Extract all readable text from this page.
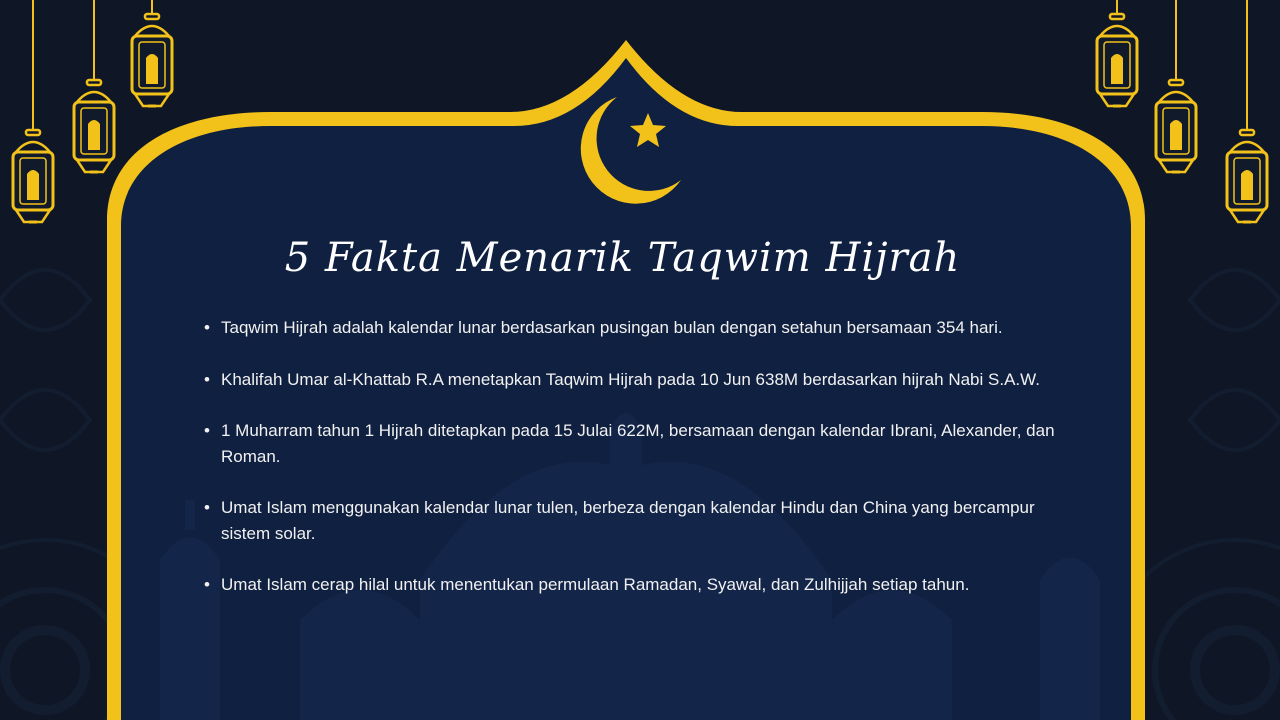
5 Fakta Menarik Taqwim Hijrah
• Taqwim Hijrah adalah kalendar lunar berdasarkan pusingan bulan dengan setahun bersamaan 354 hari.
• Khalifah Umar al-Khattab R.A menetapkan Taqwim Hijrah pada 10 Jun 638M berdasarkan hijrah Nabi S.A.W.
• 1 Muharram tahun 1 Hijrah ditetapkan pada 15 Julai 622M, bersamaan dengan kalendar Ibrani, Alexander, dan Roman.
• Umat Islam menggunakan kalendar lunar tulen, berbeza dengan kalendar Hindu dan China yang bercampur sistem solar.
• Umat Islam cerap hilal untuk menentukan permulaan Ramadan, Syawal, dan Zulhijjah setiap tahun.
